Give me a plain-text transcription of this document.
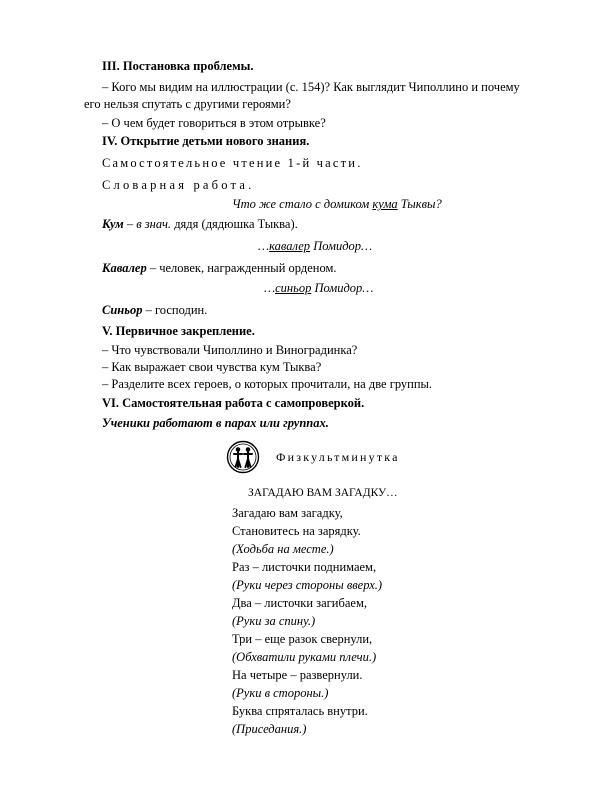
III. Постановка проблемы.
– Кого мы видим на иллюстрации (с. 154)? Как выглядит Чиполлино и почему
его нельзя спутать с другими героями?
– О чем будет говориться в этом отрывке?
IV. Открытие детьми нового знания.
Самостоятельное чтение 1-й части.
Словарная работа.
Что же стало с домиком кума Тыквы?
Кум – в знач. дядя (дядюшка Тыква).
…кавалер Помидор…
Кавалер – человек, награжденный орденом.
…синьор Помидор…
Синьор – господин.
V. Первичное закрепление.
– Что чувствовали Чиполлино и Виноградинка?
– Как выражает свои чувства кум Тыква?
– Разделите всех героев, о которых прочитали, на две группы.
VI. Самостоятельная работа с самопроверкой.
Ученики работают в парах или группах.
Физкультминутка
ЗАГАДАЮ ВАМ ЗАГАДКУ…
Загадаю вам загадку,
Становитесь на зарядку.
(Ходьба на месте.)
Раз – листочки поднимаем,
(Руки через стороны вверх.)
Два – листочки загибаем,
(Руки за спину.)
Три – еще разок свернули,
(Обхватили руками плечи.)
На четыре – развернули.
(Руки в стороны.)
Буква спряталась внутри.
(Приседания.)
